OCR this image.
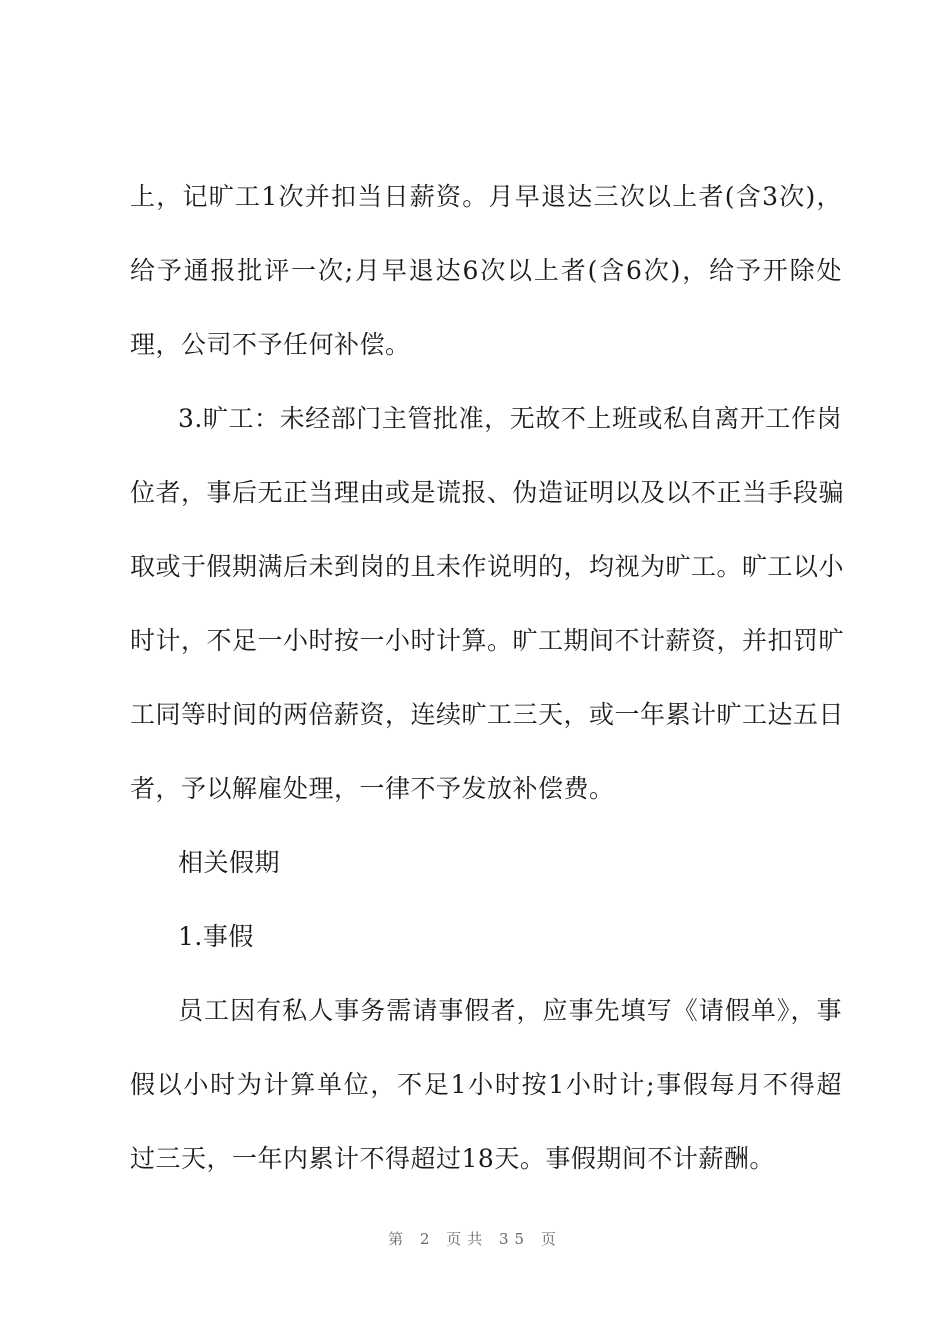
上，记旷工1次并扣当日薪资。月早退达三次以上者(含3次)，
给予通报批评一次;月早退达6次以上者(含6次)，给予开除处
理，公司不予任何补偿。
3.旷工：未经部门主管批准，无故不上班或私自离开工作岗
位者，事后无正当理由或是谎报、伪造证明以及以不正当手段骗
取或于假期满后未到岗的且未作说明的，均视为旷工。旷工以小
时计，不足一小时按一小时计算。旷工期间不计薪资，并扣罚旷
工同等时间的两倍薪资，连续旷工三天，或一年累计旷工达五日
者，予以解雇处理，一律不予发放补偿费。
相关假期
1.事假
员工因有私人事务需请事假者，应事先填写《请假单》，事
假以小时为计算单位，不足1小时按1小时计;事假每月不得超
过三天，一年内累计不得超过18天。事假期间不计薪酬。
第 2 页共 35 页
